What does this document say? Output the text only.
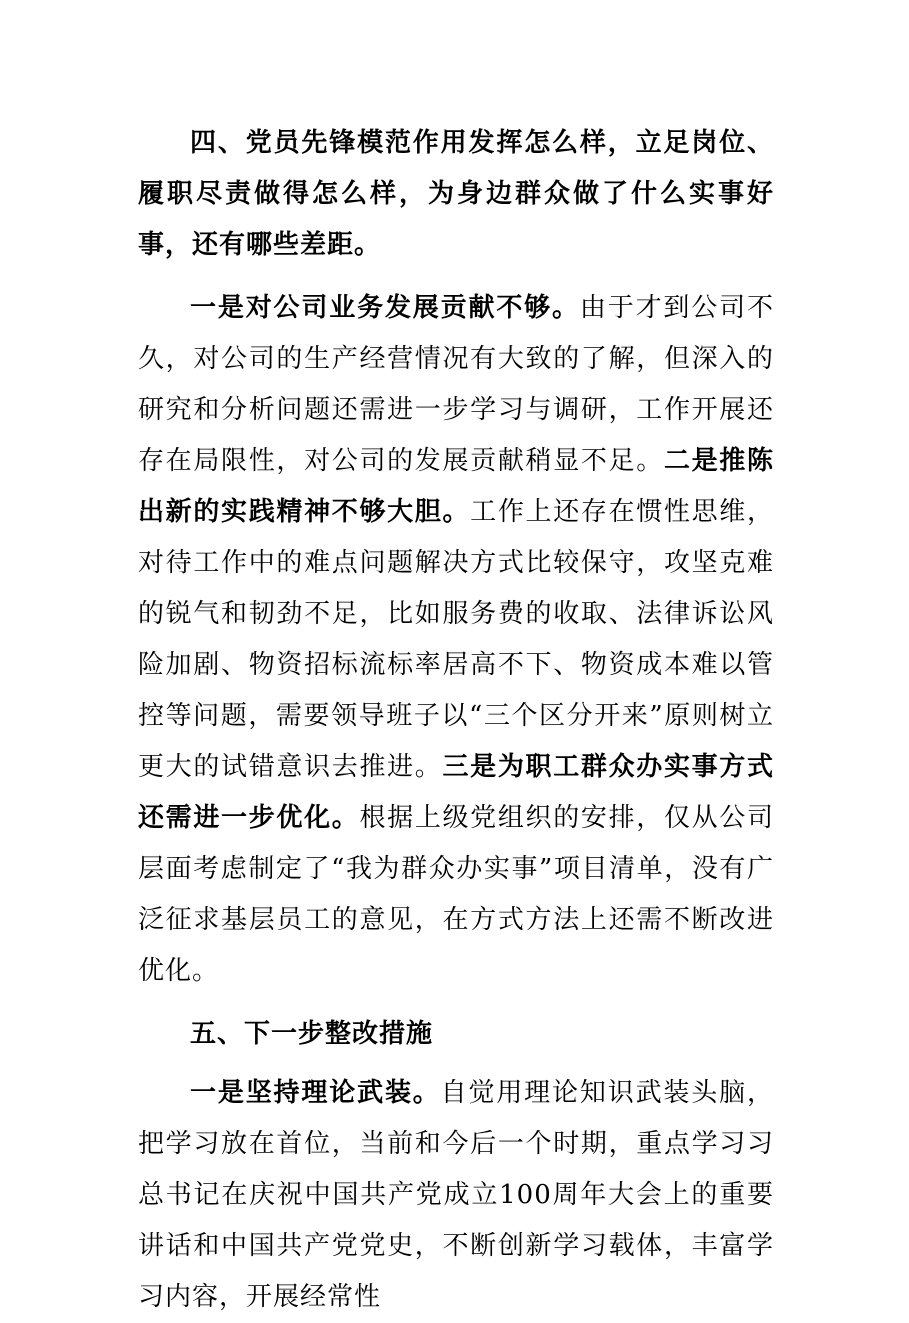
四、党员先锋模范作用发挥怎么样，立足岗位、履职尽责做得怎么样，为身边群众做了什么实事好事，还有哪些差距。

一是对公司业务发展贡献不够。由于才到公司不久，对公司的生产经营情况有大致的了解，但深入的研究和分析问题还需进一步学习与调研，工作开展还存在局限性，对公司的发展贡献稍显不足。二是推陈出新的实践精神不够大胆。工作上还存在惯性思维，对待工作中的难点问题解决方式比较保守，攻坚克难的锐气和韧劲不足，比如服务费的收取、法律诉讼风险加剧、物资招标流标率居高不下、物资成本难以管控等问题，需要领导班子以“三个区分开来”原则树立更大的试错意识去推进。三是为职工群众办实事方式还需进一步优化。根据上级党组织的安排，仅从公司层面考虑制定了“我为群众办实事”项目清单，没有广泛征求基层员工的意见，在方式方法上还需不断改进优化。

五、下一步整改措施

一是坚持理论武装。自觉用理论知识武装头脑，把学习放在首位，当前和今后一个时期，重点学习习总书记在庆祝中国共产党成立100周年大会上的重要讲话和中国共产党党史，不断创新学习载体，丰富学习内容，开展经常性
